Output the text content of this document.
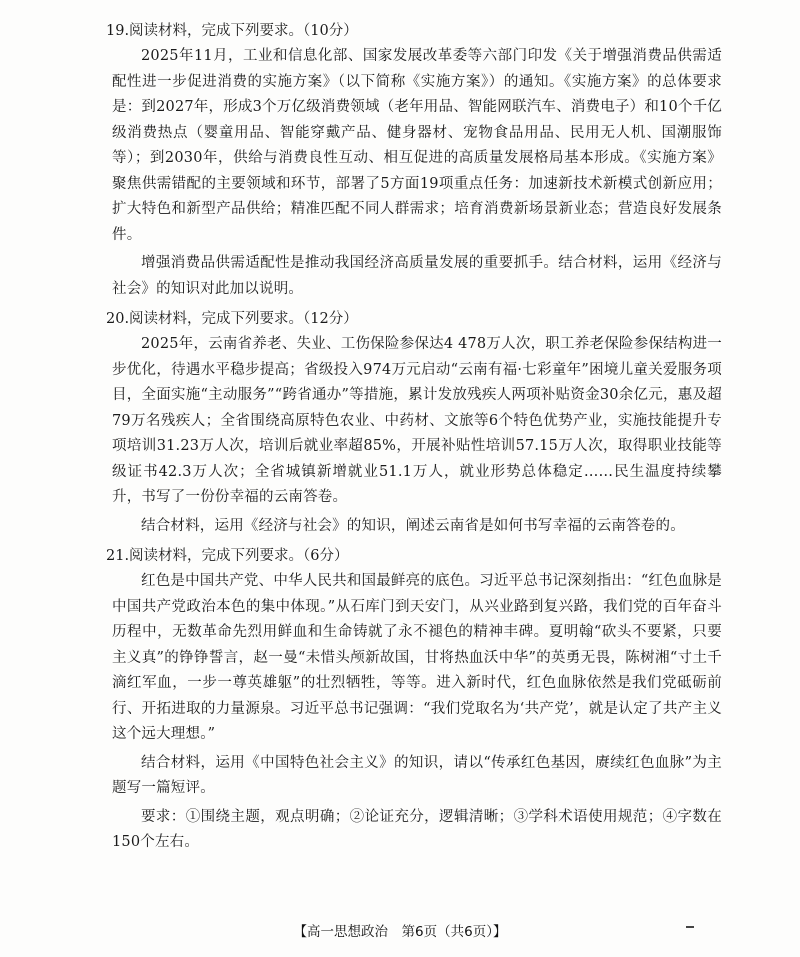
19.阅读材料，完成下列要求。（10分）

2025年11月，工业和信息化部、国家发展改革委等六部门印发《关于增强消费品供需适配性进一步促进消费的实施方案》（以下简称《实施方案》）的通知。《实施方案》的总体要求是：到2027年，形成3个万亿级消费领域（老年用品、智能网联汽车、消费电子）和10个千亿级消费热点（婴童用品、智能穿戴产品、健身器材、宠物食品用品、民用无人机、国潮服饰等）；到2030年，供给与消费良性互动、相互促进的高质量发展格局基本形成。《实施方案》聚焦供需错配的主要领域和环节，部署了5方面19项重点任务：加速新技术新模式创新应用；扩大特色和新型产品供给；精准匹配不同人群需求；培育消费新场景新业态；营造良好发展条件。

增强消费品供需适配性是推动我国经济高质量发展的重要抓手。结合材料，运用《经济与社会》的知识对此加以说明。

20.阅读材料，完成下列要求。（12分）

2025年，云南省养老、失业、工伤保险参保达4 478万人次，职工养老保险参保结构进一步优化，待遇水平稳步提高；省级投入974万元启动“云南有福·七彩童年”困境儿童关爱服务项目，全面实施“主动服务”“跨省通办”等措施，累计发放残疾人两项补贴资金30余亿元，惠及超79万名残疾人；全省围绕高原特色农业、中药材、文旅等6个特色优势产业，实施技能提升专项培训31.23万人次，培训后就业率超85%，开展补贴性培训57.15万人次，取得职业技能等级证书42.3万人次；全省城镇新增就业51.1万人，就业形势总体稳定……民生温度持续攀升，书写了一份份幸福的云南答卷。

结合材料，运用《经济与社会》的知识，阐述云南省是如何书写幸福的云南答卷的。

21.阅读材料，完成下列要求。（6分）

红色是中国共产党、中华人民共和国最鲜亮的底色。习近平总书记深刻指出：“红色血脉是中国共产党政治本色的集中体现。”从石库门到天安门，从兴业路到复兴路，我们党的百年奋斗历程中，无数革命先烈用鲜血和生命铸就了永不褪色的精神丰碑。夏明翰“砍头不要紧，只要主义真”的铮铮誓言，赵一曼“未惜头颅新故国，甘将热血沃中华”的英勇无畏，陈树湘“寸土千滴红军血，一步一尊英雄躯”的壮烈牺牲，等等。进入新时代，红色血脉依然是我们党砥砺前行、开拓进取的力量源泉。习近平总书记强调：“我们党取名为‘共产党’，就是认定了共产主义这个远大理想。”

结合材料，运用《中国特色社会主义》的知识，请以“传承红色基因，赓续红色血脉”为主题写一篇短评。

要求：①围绕主题，观点明确；②论证充分，逻辑清晰；③学科术语使用规范；④字数在150个左右。

【高一思想政治　第6页（共6页）】
